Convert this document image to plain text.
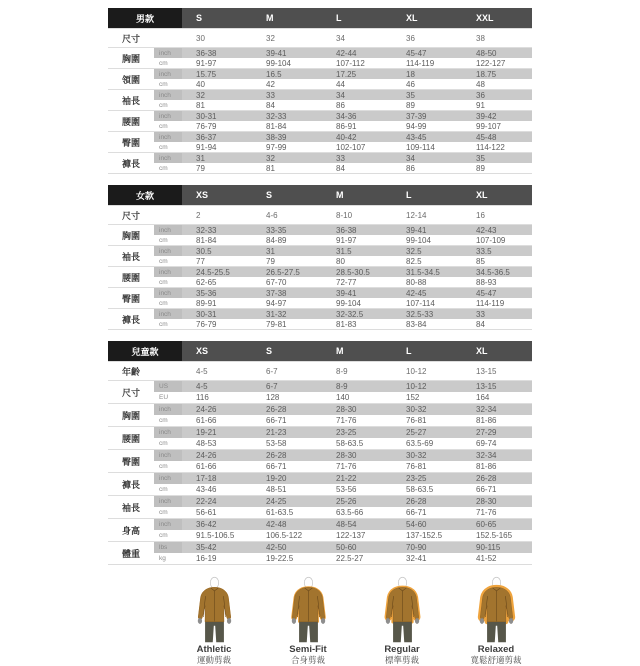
男款		S	M	L	XL	XXL
尺寸		30	32	34	36	38
胸圍	inch	36-38	39-41	42-44	45-47	48-50
	cm	91-97	99-104	107-112	114-119	122-127
領圍	inch	15.75	16.5	17.25	18	18.75
	cm	40	42	44	46	48
袖長	inch	32	33	34	35	36
	cm	81	84	86	89	91
腰圍	inch	30-31	32-33	34-36	37-39	39-42
	cm	76-79	81-84	86-91	94-99	99-107
臀圍	inch	36-37	38-39	40-42	43-45	45-48
	cm	91-94	97-99	102-107	109-114	114-122
褲長	inch	31	32	33	34	35
	cm	79	81	84	86	89
女款		XS	S	M	L	XL
尺寸		2	4-6	8-10	12-14	16
胸圍	inch	32-33	33-35	36-38	39-41	42-43
	cm	81-84	84-89	91-97	99-104	107-109
袖長	inch	30.5	31	31.5	32.5	33.5
	cm	77	79	80	82.5	85
腰圍	inch	24.5-25.5	26.5-27.5	28.5-30.5	31.5-34.5	34.5-36.5
	cm	62-65	67-70	72-77	80-88	88-93
臀圍	inch	35-36	37-38	39-41	42-45	45-47
	cm	89-91	94-97	99-104	107-114	114-119
褲長	inch	30-31	31-32	32-32.5	32.5-33	33
	cm	76-79	79-81	81-83	83-84	84
兒童款		XS	S	M	L	XL
年齡		4-5	6-7	8-9	10-12	13-15
尺寸	US	4-5	6-7	8-9	10-12	13-15
	EU	116	128	140	152	164
胸圍	inch	24-26	26-28	28-30	30-32	32-34
	cm	61-66	66-71	71-76	76-81	81-86
腰圍	inch	19-21	21-23	23-25	25-27	27-29
	cm	48-53	53-58	58-63.5	63.5-69	69-74
臀圍	inch	24-26	26-28	28-30	30-32	32-34
	cm	61-66	66-71	71-76	76-81	81-86
褲長	inch	17-18	19-20	21-22	23-25	26-28
	cm	43-46	48-51	53-56	58-63.5	66-71
袖長	inch	22-24	24-25	25-26	26-28	28-30
	cm	56-61	61-63.5	63.5-66	66-71	71-76
身高	inch	36-42	42-48	48-54	54-60	60-65
	cm	91.5-106.5	106.5-122	122-137	137-152.5	152.5-165
體重	lbs	35-42	42-50	50-60	70-90	90-115
	kg	16-19	19-22.5	22.5-27	32-41	41-52
Athletic
運動剪裁
Semi-Fit
合身剪裁
Regular
標準剪裁
Relaxed
寬鬆舒適剪裁
